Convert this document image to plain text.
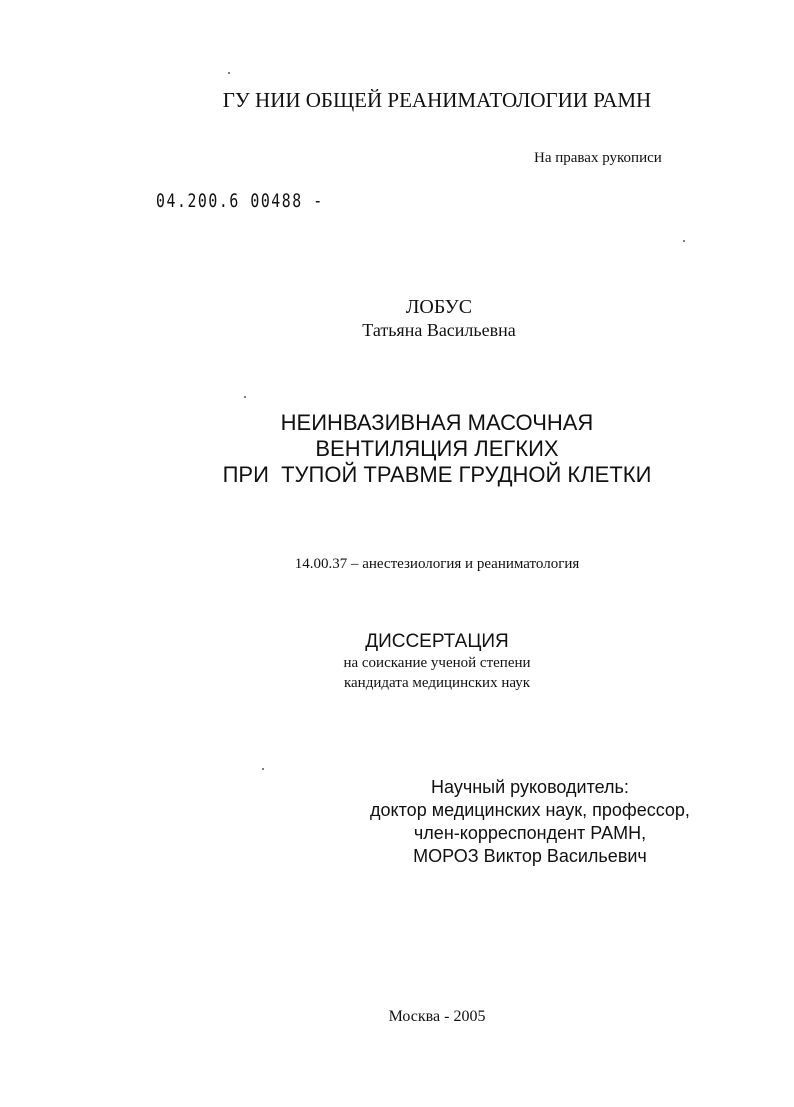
ГУ НИИ ОБЩЕЙ РЕАНИМАТОЛОГИИ РАМН
На правах рукописи
04.200.6 00488 -
ЛОБУС
Татьяна Васильевна
НЕИНВАЗИВНАЯ МАСОЧНАЯ
ВЕНТИЛЯЦИЯ ЛЕГКИХ
ПРИ  ТУПОЙ ТРАВМЕ ГРУДНОЙ КЛЕТКИ
14.00.37 – анестезиология и реаниматология
ДИССЕРТАЦИЯ
на соискание ученой степени
кандидата медицинских наук
Научный руководитель:
доктор медицинских наук, профессор,
член-корреспондент РАМН,
МОРОЗ Виктор Васильевич
Москва - 2005
